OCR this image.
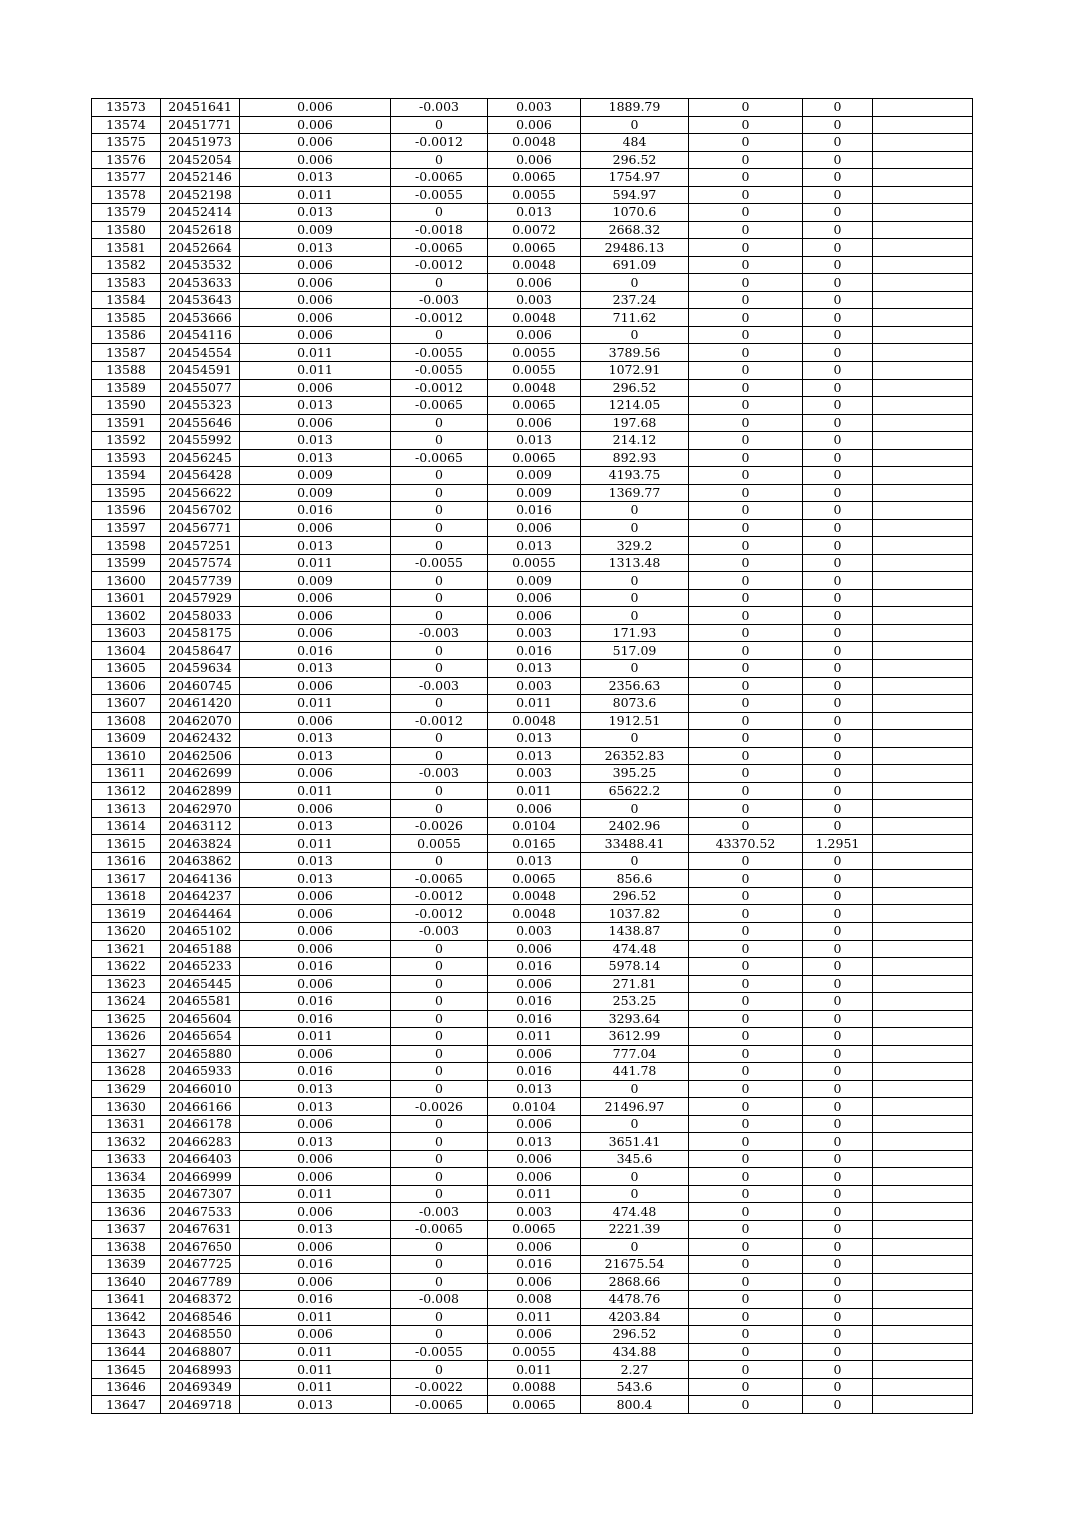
13573	20451641	0.006	-0.003	0.003	1889.79	0	0	
13574	20451771	0.006	0	0.006	0	0	0	
13575	20451973	0.006	-0.0012	0.0048	484	0	0	
13576	20452054	0.006	0	0.006	296.52	0	0	
13577	20452146	0.013	-0.0065	0.0065	1754.97	0	0	
13578	20452198	0.011	-0.0055	0.0055	594.97	0	0	
13579	20452414	0.013	0	0.013	1070.6	0	0	
13580	20452618	0.009	-0.0018	0.0072	2668.32	0	0	
13581	20452664	0.013	-0.0065	0.0065	29486.13	0	0	
13582	20453532	0.006	-0.0012	0.0048	691.09	0	0	
13583	20453633	0.006	0	0.006	0	0	0	
13584	20453643	0.006	-0.003	0.003	237.24	0	0	
13585	20453666	0.006	-0.0012	0.0048	711.62	0	0	
13586	20454116	0.006	0	0.006	0	0	0	
13587	20454554	0.011	-0.0055	0.0055	3789.56	0	0	
13588	20454591	0.011	-0.0055	0.0055	1072.91	0	0	
13589	20455077	0.006	-0.0012	0.0048	296.52	0	0	
13590	20455323	0.013	-0.0065	0.0065	1214.05	0	0	
13591	20455646	0.006	0	0.006	197.68	0	0	
13592	20455992	0.013	0	0.013	214.12	0	0	
13593	20456245	0.013	-0.0065	0.0065	892.93	0	0	
13594	20456428	0.009	0	0.009	4193.75	0	0	
13595	20456622	0.009	0	0.009	1369.77	0	0	
13596	20456702	0.016	0	0.016	0	0	0	
13597	20456771	0.006	0	0.006	0	0	0	
13598	20457251	0.013	0	0.013	329.2	0	0	
13599	20457574	0.011	-0.0055	0.0055	1313.48	0	0	
13600	20457739	0.009	0	0.009	0	0	0	
13601	20457929	0.006	0	0.006	0	0	0	
13602	20458033	0.006	0	0.006	0	0	0	
13603	20458175	0.006	-0.003	0.003	171.93	0	0	
13604	20458647	0.016	0	0.016	517.09	0	0	
13605	20459634	0.013	0	0.013	0	0	0	
13606	20460745	0.006	-0.003	0.003	2356.63	0	0	
13607	20461420	0.011	0	0.011	8073.6	0	0	
13608	20462070	0.006	-0.0012	0.0048	1912.51	0	0	
13609	20462432	0.013	0	0.013	0	0	0	
13610	20462506	0.013	0	0.013	26352.83	0	0	
13611	20462699	0.006	-0.003	0.003	395.25	0	0	
13612	20462899	0.011	0	0.011	65622.2	0	0	
13613	20462970	0.006	0	0.006	0	0	0	
13614	20463112	0.013	-0.0026	0.0104	2402.96	0	0	
13615	20463824	0.011	0.0055	0.0165	33488.41	43370.52	1.2951	
13616	20463862	0.013	0	0.013	0	0	0	
13617	20464136	0.013	-0.0065	0.0065	856.6	0	0	
13618	20464237	0.006	-0.0012	0.0048	296.52	0	0	
13619	20464464	0.006	-0.0012	0.0048	1037.82	0	0	
13620	20465102	0.006	-0.003	0.003	1438.87	0	0	
13621	20465188	0.006	0	0.006	474.48	0	0	
13622	20465233	0.016	0	0.016	5978.14	0	0	
13623	20465445	0.006	0	0.006	271.81	0	0	
13624	20465581	0.016	0	0.016	253.25	0	0	
13625	20465604	0.016	0	0.016	3293.64	0	0	
13626	20465654	0.011	0	0.011	3612.99	0	0	
13627	20465880	0.006	0	0.006	777.04	0	0	
13628	20465933	0.016	0	0.016	441.78	0	0	
13629	20466010	0.013	0	0.013	0	0	0	
13630	20466166	0.013	-0.0026	0.0104	21496.97	0	0	
13631	20466178	0.006	0	0.006	0	0	0	
13632	20466283	0.013	0	0.013	3651.41	0	0	
13633	20466403	0.006	0	0.006	345.6	0	0	
13634	20466999	0.006	0	0.006	0	0	0	
13635	20467307	0.011	0	0.011	0	0	0	
13636	20467533	0.006	-0.003	0.003	474.48	0	0	
13637	20467631	0.013	-0.0065	0.0065	2221.39	0	0	
13638	20467650	0.006	0	0.006	0	0	0	
13639	20467725	0.016	0	0.016	21675.54	0	0	
13640	20467789	0.006	0	0.006	2868.66	0	0	
13641	20468372	0.016	-0.008	0.008	4478.76	0	0	
13642	20468546	0.011	0	0.011	4203.84	0	0	
13643	20468550	0.006	0	0.006	296.52	0	0	
13644	20468807	0.011	-0.0055	0.0055	434.88	0	0	
13645	20468993	0.011	0	0.011	2.27	0	0	
13646	20469349	0.011	-0.0022	0.0088	543.6	0	0	
13647	20469718	0.013	-0.0065	0.0065	800.4	0	0	
